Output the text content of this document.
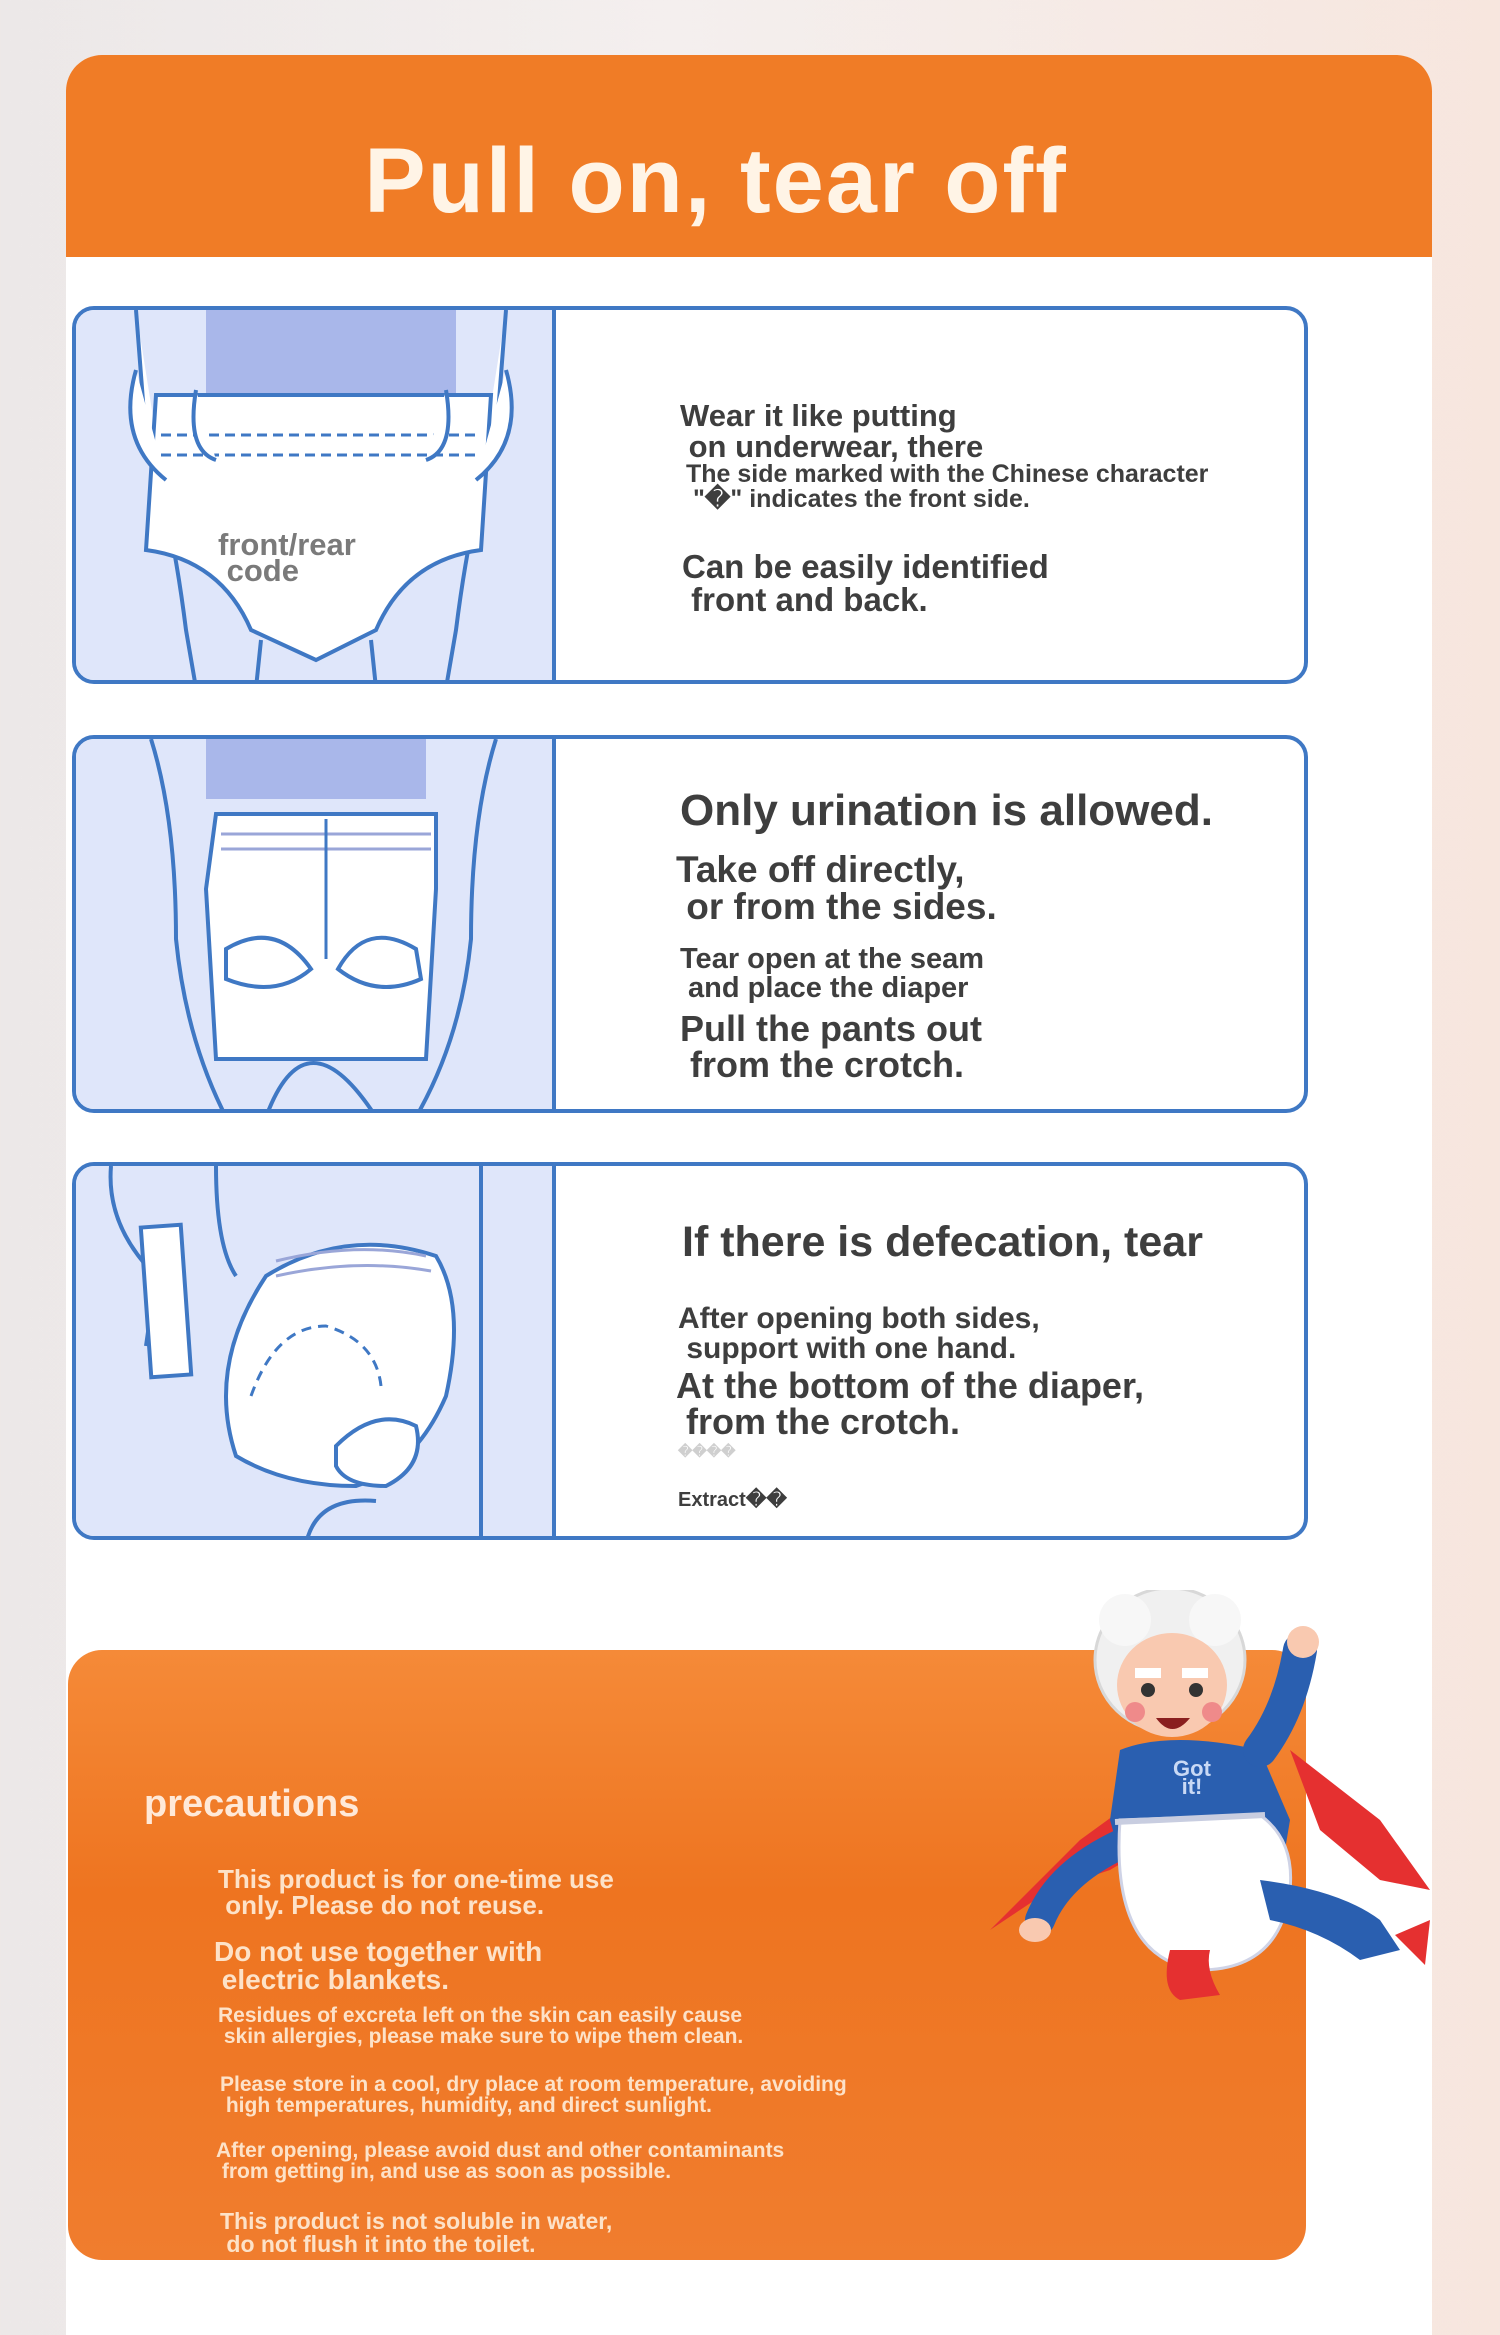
Pull on, tear off
front/rear
code
Wear it like putting
on underwear, there
The side marked with the Chinese character
"�" indicates the front side.
Can be easily identified
front and back.
Only urination is allowed.
Take off directly,
or from the sides.
Tear open at the seam
and place the diaper
Pull the pants out
from the crotch.
If there is defecation, tear
After opening both sides,
support with one hand.
At the bottom of the diaper,
from the crotch.
����
Extract��
precautions
This product is for one-time use
only. Please do not reuse.
Do not use together with
electric blankets.
Residues of excreta left on the skin can easily cause
skin allergies, please make sure to wipe them clean.
Please store in a cool, dry place at room temperature, avoiding
high temperatures, humidity, and direct sunlight.
After opening, please avoid dust and other contaminants
from getting in, and use as soon as possible.
This product is not soluble in water,
do not flush it into the toilet.
Got it!
